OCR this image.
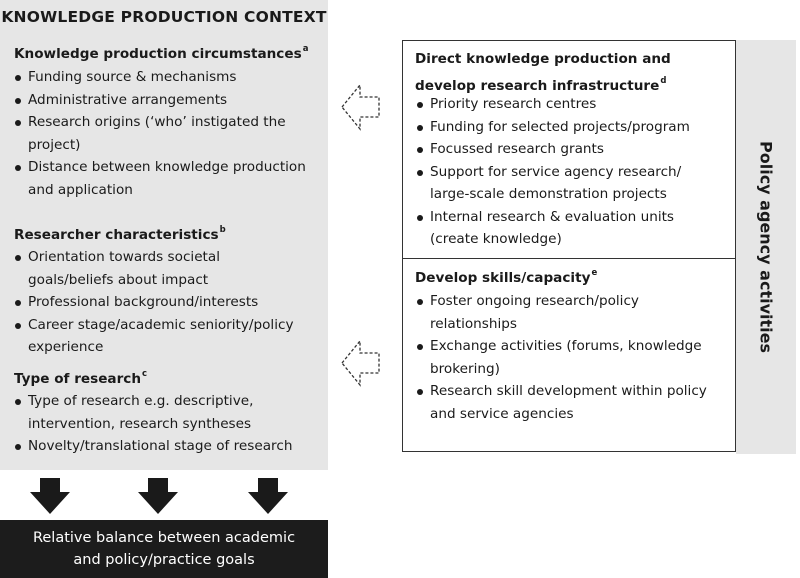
KNOWLEDGE PRODUCTION CONTEXT
Knowledge production circumstances$^a$
Funding source & mechanisms
Administrative arrangements
Research origins (‘who’ instigated the project)
Distance between knowledge production and application
Researcher characteristics$^b$
Orientation towards societal goals/beliefs about impact
Professional background/interests
Career stage/academic seniority/policy experience
Type of research$^c$
Type of research e.g. descriptive, intervention, research syntheses
Novelty/translational stage of research
Relative balance between academic and policy/practice goals
Policy agency activities
Direct knowledge production and develop research infrastructure$^d$
Priority research centres
Funding for selected projects/program
Focussed research grants
Support for service agency research/ large-scale demonstration projects
Internal research & evaluation units (create knowledge)
Develop skills/capacity$^e$
Foster ongoing research/policy relationships
Exchange activities (forums, knowledge brokering)
Research skill development within policy and service agencies
